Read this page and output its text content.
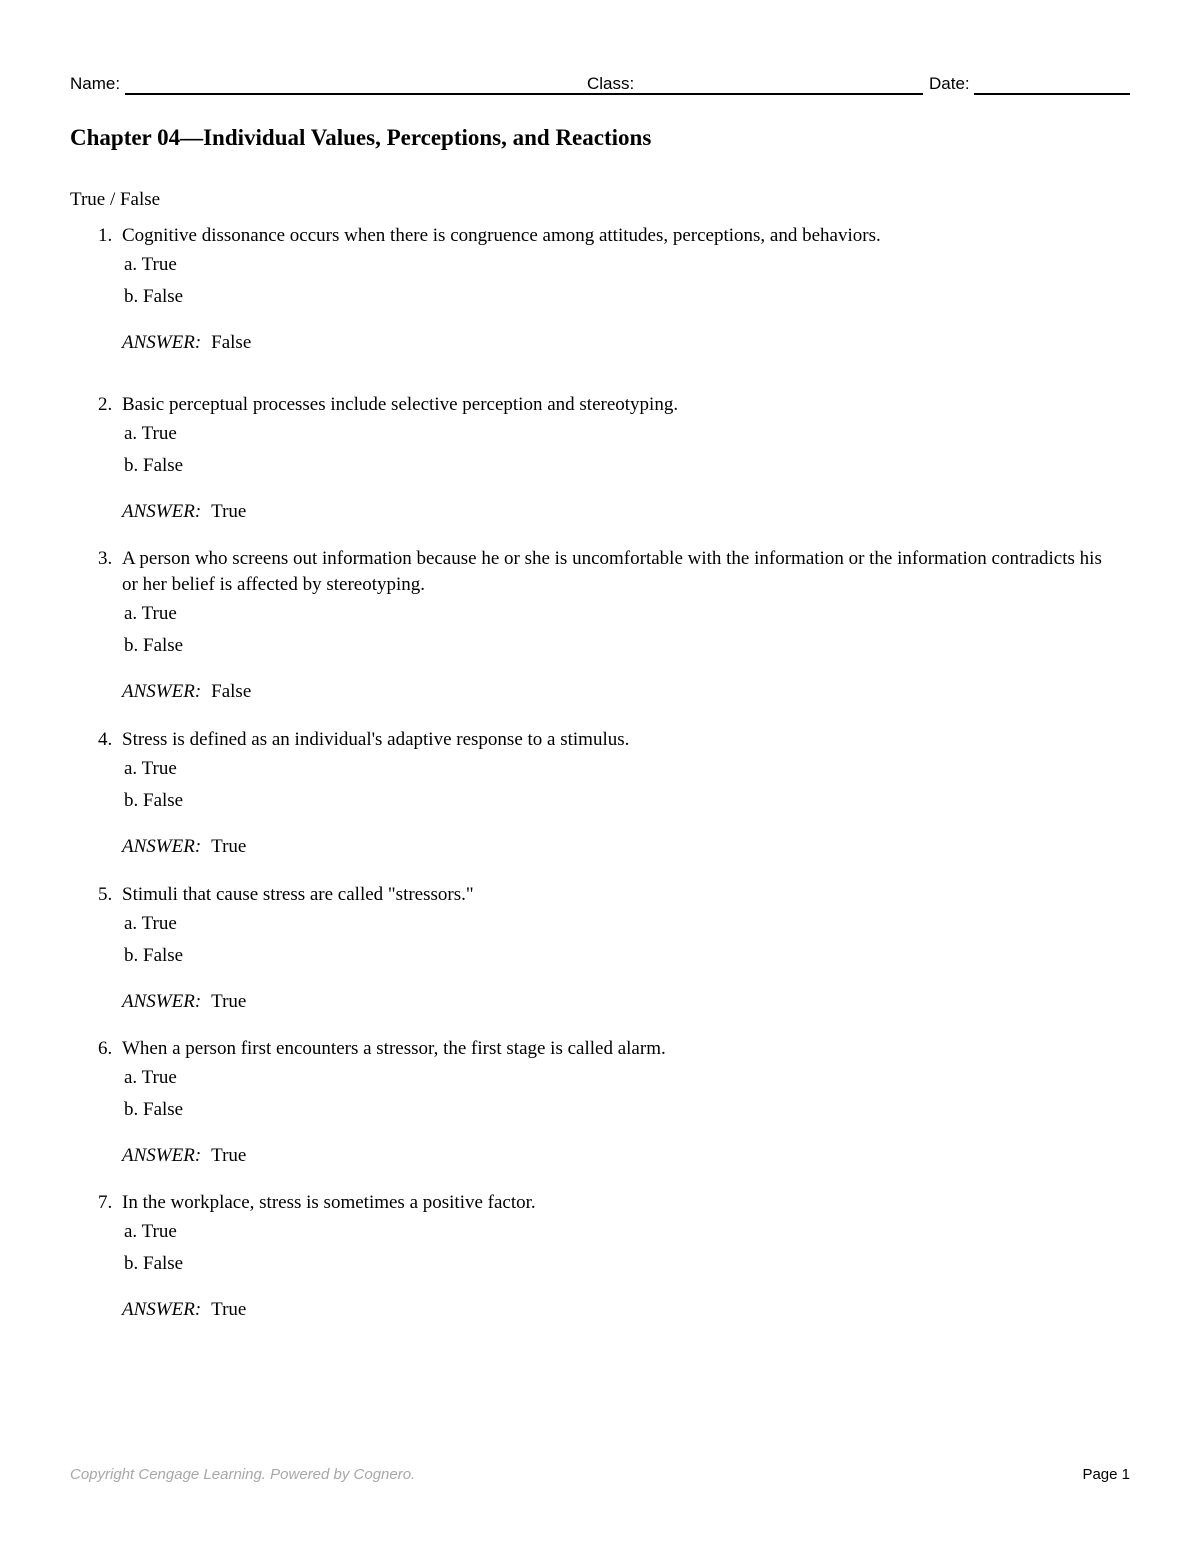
Name:	Class:	Date:
Chapter 04—Individual Values, Perceptions, and Reactions
True / False
1. Cognitive dissonance occurs when there is congruence among attitudes, perceptions, and behaviors.
a. True
b. False
ANSWER: False
2. Basic perceptual processes include selective perception and stereotyping.
a. True
b. False
ANSWER: True
3. A person who screens out information because he or she is uncomfortable with the information or the information contradicts his or her belief is affected by stereotyping.
a. True
b. False
ANSWER: False
4. Stress is defined as an individual's adaptive response to a stimulus.
a. True
b. False
ANSWER: True
5. Stimuli that cause stress are called "stressors."
a. True
b. False
ANSWER: True
6. When a person first encounters a stressor, the first stage is called alarm.
a. True
b. False
ANSWER: True
7. In the workplace, stress is sometimes a positive factor.
a. True
b. False
ANSWER: True
Copyright Cengage Learning. Powered by Cognero.	Page 1
